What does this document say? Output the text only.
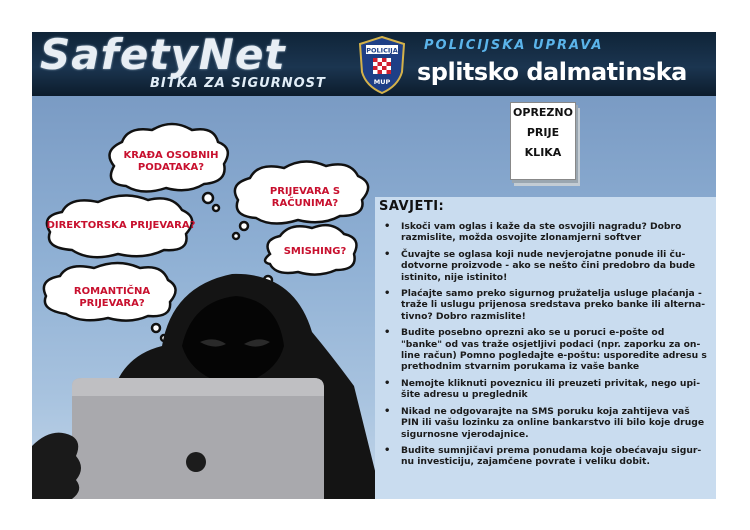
SafetyNet
BITKA ZA SIGURNOST
POLICIJA
MUP
POLICIJSKA UPRAVA
splitsko dalmatinska
KRAĐA OSOBNIH
PODATAKA?
PRIJEVARA S RAČUNIMA?
DIREKTORSKA PRIJEVARA?
SMISHING?
ROMANTIČNA PRIJEVARA?
OPREZNO
PRIJE
KLIKA
SAVJETI:
• Iskoči vam oglas i kaže da ste osvojili nagradu? Dobro razmislite, možda osvojite zlonamjerni softver
• Čuvajte se oglasa koji nude nevjerojatne ponude ili ču-dotvorne proizvode - ako se nešto čini predobro da bude istinito, nije istinito!
• Plaćajte samo preko sigurnog pružatelja usluge plaćanja - traže li uslugu prijenosa sredstava preko banke ili alterna-tivno? Dobro razmislite!
• Budite posebno oprezni ako se u poruci e-pošte od "banke" od vas traže osjetljivi podaci (npr. zaporku za on-line račun) Pomno pogledajte e-poštu: usporedite adresu s prethodnim stvarnim porukama iz vaše banke
• Nemojte kliknuti poveznicu ili preuzeti privitak, nego upi-šite adresu u preglednik
• Nikad ne odgovarajte na SMS poruku koja zahtijeva vaš PIN ili vašu lozinku za online bankarstvo ili bilo koje druge sigurnosne vjerodajnice.
• Budite sumnjičavi prema ponudama koje obećavaju sigur-nu investiciju, zajamčene povrate i veliku dobit.
